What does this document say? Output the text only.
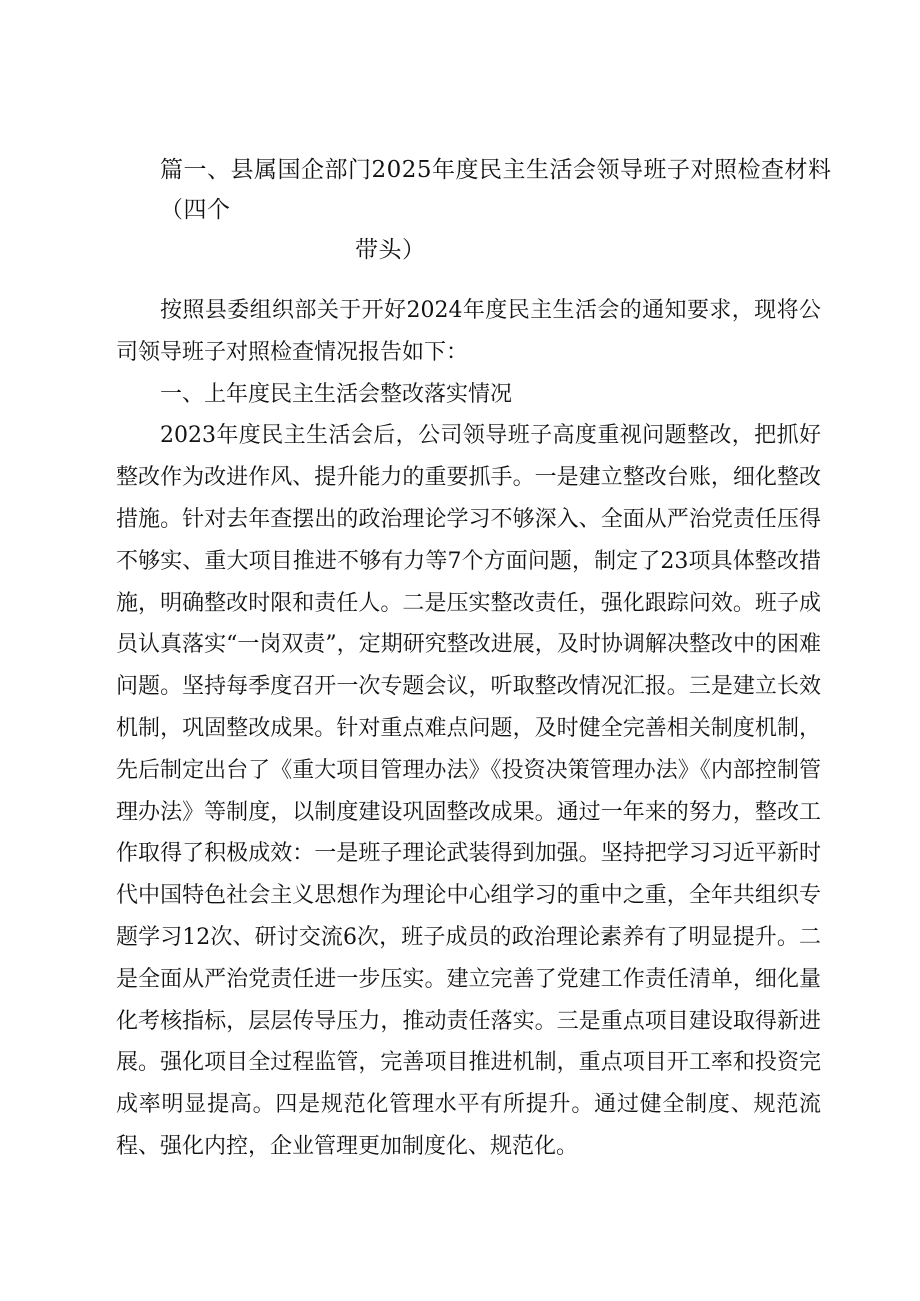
篇一、县属国企部门2025年度民主生活会领导班子对照检查材料（四个
带头）

按照县委组织部关于开好2024年度民主生活会的通知要求，现将公司领导班子对照检查情况报告如下：

一、上年度民主生活会整改落实情况

2023年度民主生活会后，公司领导班子高度重视问题整改，把抓好整改作为改进作风、提升能力的重要抓手。一是建立整改台账，细化整改措施。针对去年查摆出的政治理论学习不够深入、全面从严治党责任压得不够实、重大项目推进不够有力等7个方面问题，制定了23项具体整改措施，明确整改时限和责任人。二是压实整改责任，强化跟踪问效。班子成员认真落实“一岗双责”，定期研究整改进展，及时协调解决整改中的困难问题。坚持每季度召开一次专题会议，听取整改情况汇报。三是建立长效机制，巩固整改成果。针对重点难点问题，及时健全完善相关制度机制，先后制定出台了《重大项目管理办法》《投资决策管理办法》《内部控制管理办法》等制度，以制度建设巩固整改成果。通过一年来的努力，整改工作取得了积极成效：一是班子理论武装得到加强。坚持把学习习近平新时代中国特色社会主义思想作为理论中心组学习的重中之重，全年共组织专题学习12次、研讨交流6次，班子成员的政治理论素养有了明显提升。二是全面从严治党责任进一步压实。建立完善了党建工作责任清单，细化量化考核指标，层层传导压力，推动责任落实。三是重点项目建设取得新进展。强化项目全过程监管，完善项目推进机制，重点项目开工率和投资完成率明显提高。四是规范化管理水平有所提升。通过健全制度、规范流程、强化内控，企业管理更加制度化、规范化。
